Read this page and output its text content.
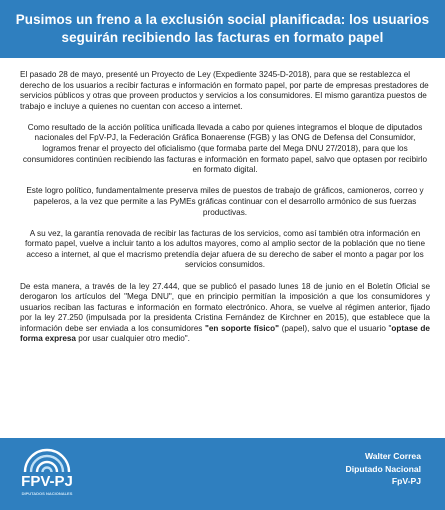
Pusimos un freno a la exclusión social planificada: los usuarios seguirán recibiendo las facturas en formato papel

El pasado 28 de mayo, presenté un Proyecto de Ley (Expediente 3245-D-2018), para que se restablezca el derecho de los usuarios a recibir facturas e información en formato papel, por parte de empresas prestadores de servicios públicos y otras que proveen productos y servicios a los consumidores. El mismo garantiza puestos de trabajo e incluye a quienes no cuentan con acceso a internet.

Como resultado de la acción política unificada llevada a cabo por quienes integramos el bloque de diputados nacionales del FpV-PJ, la Federación Gráfica Bonaerense (FGB) y las ONG de Defensa del Consumidor, logramos frenar el proyecto del oficialismo (que formaba parte del Mega DNU 27/2018), para que los consumidores continúen recibiendo las facturas e información en formato papel, salvo que optasen por recibirlo en formato digital.

Este logro político, fundamentalmente preserva miles de puestos de trabajo de gráficos, camioneros, correo y papeleros, a la vez que permite a las PyMEs gráficas continuar con el desarrollo armónico de sus fuerzas productivas.

A su vez, la garantía renovada de recibir las facturas de los servicios, como así también otra información en formato papel, vuelve a incluir tanto a los adultos mayores, como al amplio sector de la población que no tiene acceso a internet, al que el macrismo pretendía dejar afuera de su derecho de saber el monto a pagar por los servicios consumidos.

De esta manera, a través de la ley 27.444, que se publicó el pasado lunes 18 de junio en el Boletín Oficial se derogaron los artículos del "Mega DNU", que en principio permitían la imposición a que los consumidores y usuarios reciban las facturas e información en formato electrónico. Ahora, se vuelve al régimen anterior, fijado por la ley 27.250 (impulsada por la presidenta Cristina Fernández de Kirchner en 2015), que establece que la información debe ser enviada a los consumidores "en soporte físico" (papel), salvo que el usuario "optase de forma expresa por usar cualquier otro medio".

FPV-PJ
DIPUTADOS NACIONALES
Walter Correa
Diputado Nacional
FpV-PJ
